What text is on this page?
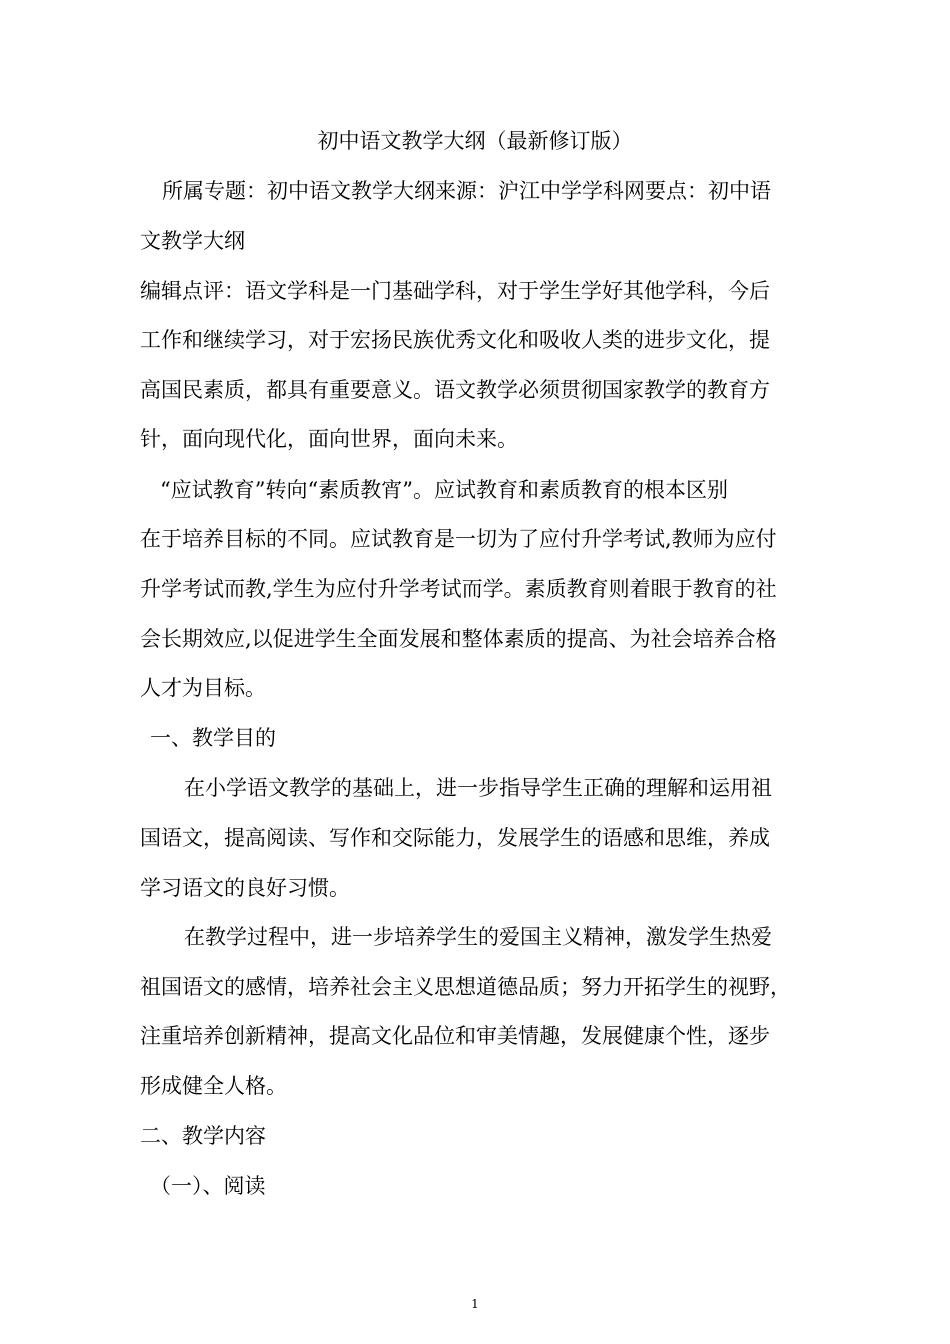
初中语文教学大纲（最新修订版）
所属专题：初中语文教学大纲来源：沪江中学学科网要点：初中语
文教学大纲
编辑点评：语文学科是一门基础学科，对于学生学好其他学科，今后
工作和继续学习，对于宏扬民族优秀文化和吸收人类的进步文化，提
高国民素质，都具有重要意义。语文教学必须贯彻国家教学的教育方
针，面向现代化，面向世界，面向未来。
“应试教育”转向“素质教宵”。应试教育和素质教育的根本区别
在于培养目标的不同。应试教育是一切为了应付升学考试,教师为应付
升学考试而教,学生为应付升学考试而学。素质教育则着眼于教育的社
会长期效应,以促进学生全面发展和整体素质的提高、为社会培养合格
人才为目标。
一、教学目的
在小学语文教学的基础上，进一步指导学生正确的理解和运用祖
国语文，提高阅读、写作和交际能力，发展学生的语感和思维，养成
学习语文的良好习惯。
在教学过程中，进一步培养学生的爱国主义精神，激发学生热爱
祖国语文的感情，培养社会主义思想道德品质；努力开拓学生的视野，
注重培养创新精神，提高文化品位和审美情趣，发展健康个性，逐步
形成健全人格。
二、教学内容
（一）、阅读
1
